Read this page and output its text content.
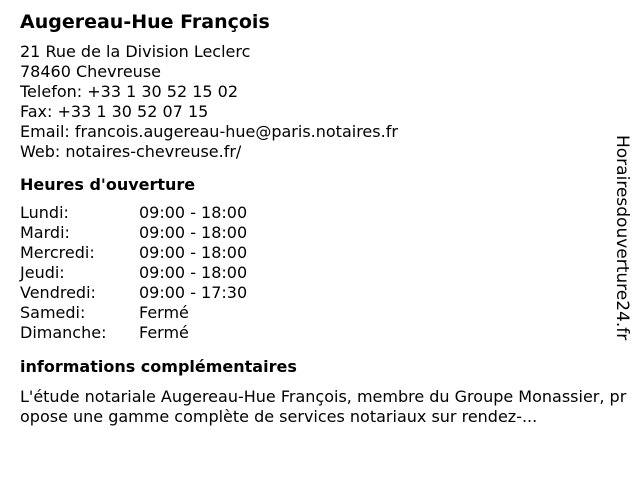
Augereau-Hue François
21 Rue de la Division Leclerc
78460 Chevreuse
Telefon: +33 1 30 52 15 02
Fax: +33 1 30 52 07 15
Email: francois.augereau-hue@paris.notaires.fr
Web: notaires-chevreuse.fr/
Heures d'ouverture
Lundi:	09:00 - 18:00
Mardi:	09:00 - 18:00
Mercredi:	09:00 - 18:00
Jeudi:	09:00 - 18:00
Vendredi:	09:00 - 17:30
Samedi:	Fermé
Dimanche:	Fermé
informations complémentaires
L'étude notariale Augereau-Hue François, membre du Groupe Monassier, propose une gamme complète de services notariaux sur rendez-...
Horairesdouverture24.fr
